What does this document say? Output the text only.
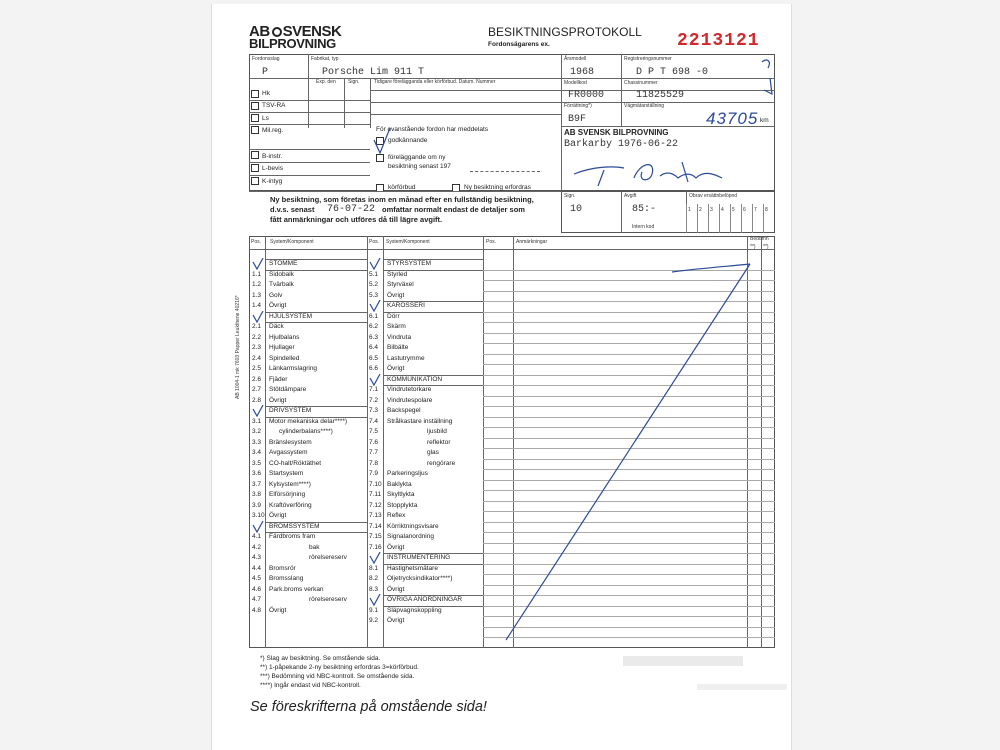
AB SVENSK
BILPROVNING
BESIKTNINGSPROTOKOLL
Fordonsägarens ex.	2213121
AB 1004-1 mk 7603 Papper Leukthene 40216*
Fordonsslag
P
Fabrikat, typ
Porsche Lim 911 T
Årsmodell
1968
Registreringsnummer
D P T 698 -0
Modellkod
FR0000
Chassinummer
11825529
Förrättning*)
B9F
Vägmätarställning
43705 km
Exp. den Sign.	Tidigare förelägganda eller körförbud. Datum. Nummer
Hk
TSV-RA
Ls
Mil.reg.
B-instr.
L-bevis
K-intyg
För ovanstående fordon har meddelats
godkännande
föreläggande om ny
besiktning senast 197
körförbud	Ny besiktning erfordras
AB SVENSK BILPROVNING
Barkarby 1976-06-22
T. Pedersen
Ny besiktning, som företas inom en månad efter en fullständig besiktning,
d.v.s. senast 76-07-22 omfattar normalt endast de detaljer som
fått anmärkningar och utföres då till lägre avgift.
Sign.
10
Avgift
85:-
Obrav ersättnbelöpnd
1 2 3 4 5 6 7 8
Intern kod
Pos. System/Komponent	Pos. System/Komponent	Pos.	Anmärkningar	Bedömn
**) **)
STOMME
1.1 Sidobalk
1.2 Tvärbalk
1.3 Golv
1.4 Övrigt
HJULSYSTEM
2.1 Däck
2.2 Hjulbalans
2.3 Hjullager
2.4 Spindelled
2.5 Länkarmslagring
2.6 Fjäder
2.7 Stötdämpare
2.8 Övrigt
DRIVSYSTEM
3.1 Motor mekaniska delar****)
3.2	cylinderbalans****)
3.3 Bränslesystem
3.4 Avgassystem
3.5 CO-halt/Röktäthet
3.6 Startsystem
3.7 Kylsystem****)
3.8 Elförsörjning
3.9 Kraftöverföring
3.10 Övrigt
BROMSSYSTEM
4.1 Färdbroms fram
4.2	bak
4.3	rörelsereserv
4.4 Bromsrör
4.5 Bromsslang
4.6 Park.broms verkan
4.7	rörelsereserv
4.8 Övrigt
STYRSYSTEM
5.1 Styrled
5.2 Styrväxel
5.3 Övrigt
KAROSSERI
6.1 Dörr
6.2 Skärm
6.3 Vindruta
6.4 Bilbälte
6.5 Lastutrymme
6.6 Övrigt
KOMMUNIKATION
7.1 Vindrutetorkare
7.2 Vindrutespolare
7.3 Backspegel
7.4 Strålkastare inställning
7.5	ljusbild
7.6	reflektor
7.7	glas
7.8	rengörare
7.9 Parkeringsljus
7.10 Baklykta
7.11 Skyltlykta
7.12 Stopplykta
7.13 Reflex
7.14 Körriktningsvisare
7.15 Signalanordning
7.16 Övrigt
INSTRUMENTERING
8.1 Hastighetsmätare
8.2 Oljetrycksindikator****)
8.3 Övrigt
ÖVRIGA ANORDNINGAR
9.1 Släpvagnskoppling
9.2 Övrigt
*) Slag av besiktning. Se omstående sida.
**) 1-påpekande 2-ny besiktning erfordras 3=körförbud.
***) Bedömning vid NBC-kontroll. Se omstående sida.
****) Ingår endast vid NBC-kontroll.
Se föreskrifterna på omstående sida!
